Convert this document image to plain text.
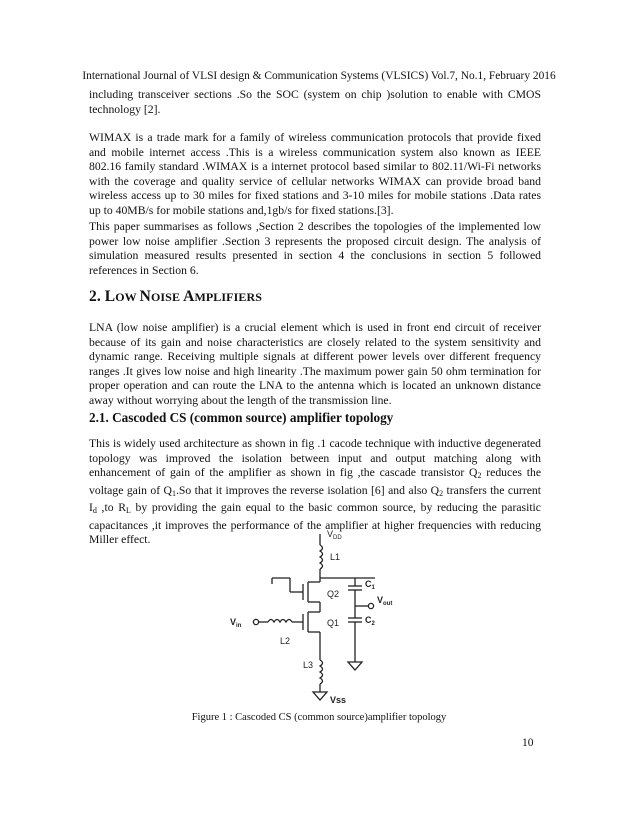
International Journal of VLSI design & Communication Systems (VLSICS) Vol.7, No.1, February 2016

including transceiver sections .So the SOC (system on chip )solution to enable with CMOS technology [2].

WIMAX is a trade mark for a family of wireless communication protocols that provide fixed and mobile internet access .This is a wireless communication system also known as IEEE 802.16 family standard .WIMAX is a internet protocol based similar to 802.11/Wi-Fi networks with the coverage and quality service of cellular networks WIMAX can provide broad band wireless access up to 30 miles for fixed stations and 3-10 miles for mobile stations .Data rates up to 40MB/s for mobile stations and,1gb/s for fixed stations.[3].

This paper summarises as follows ,Section 2 describes the topologies of the implemented low power low noise amplifier .Section 3 represents the proposed circuit design. The analysis of simulation measured results presented in section 4 the conclusions in section 5 followed references in Section 6.

2. LOW NOISE AMPLIFIERS

LNA (low noise amplifier) is a crucial element which is used in front end circuit of receiver because of its gain and noise characteristics are closely related to the system sensitivity and dynamic range. Receiving multiple signals at different power levels over different frequency ranges .It gives low noise and high linearity .The maximum power gain 50 ohm termination for proper operation and can route the LNA to the antenna which is located an unknown distance away without worrying about the length of the transmission line.

2.1. Cascoded CS (common source) amplifier topology

This is widely used architecture as shown in fig .1 cacode technique with inductive degenerated topology was improved the isolation between input and output matching along with enhancement of gain of the amplifier as shown in fig ,the cascade transistor $Q_2$ reduces the voltage gain of $Q_1.So$ that it improves the reverse isolation [6] and also $Q_2$ transfers the current $I_d$ ,to $R_L$ by providing the gain equal to the basic common source, by reducing the parasitic capacitances ,it improves the performance of the amplifier at higher frequencies with reducing Miller effect.	$V_{DD}$
L1
$C_1$
Q2
$V_{out}$
$V_{in}$	Q1	$C_2$
L2
L3
Vss
Figure 1 : Cascoded CS (common source)amplifier topology
10
